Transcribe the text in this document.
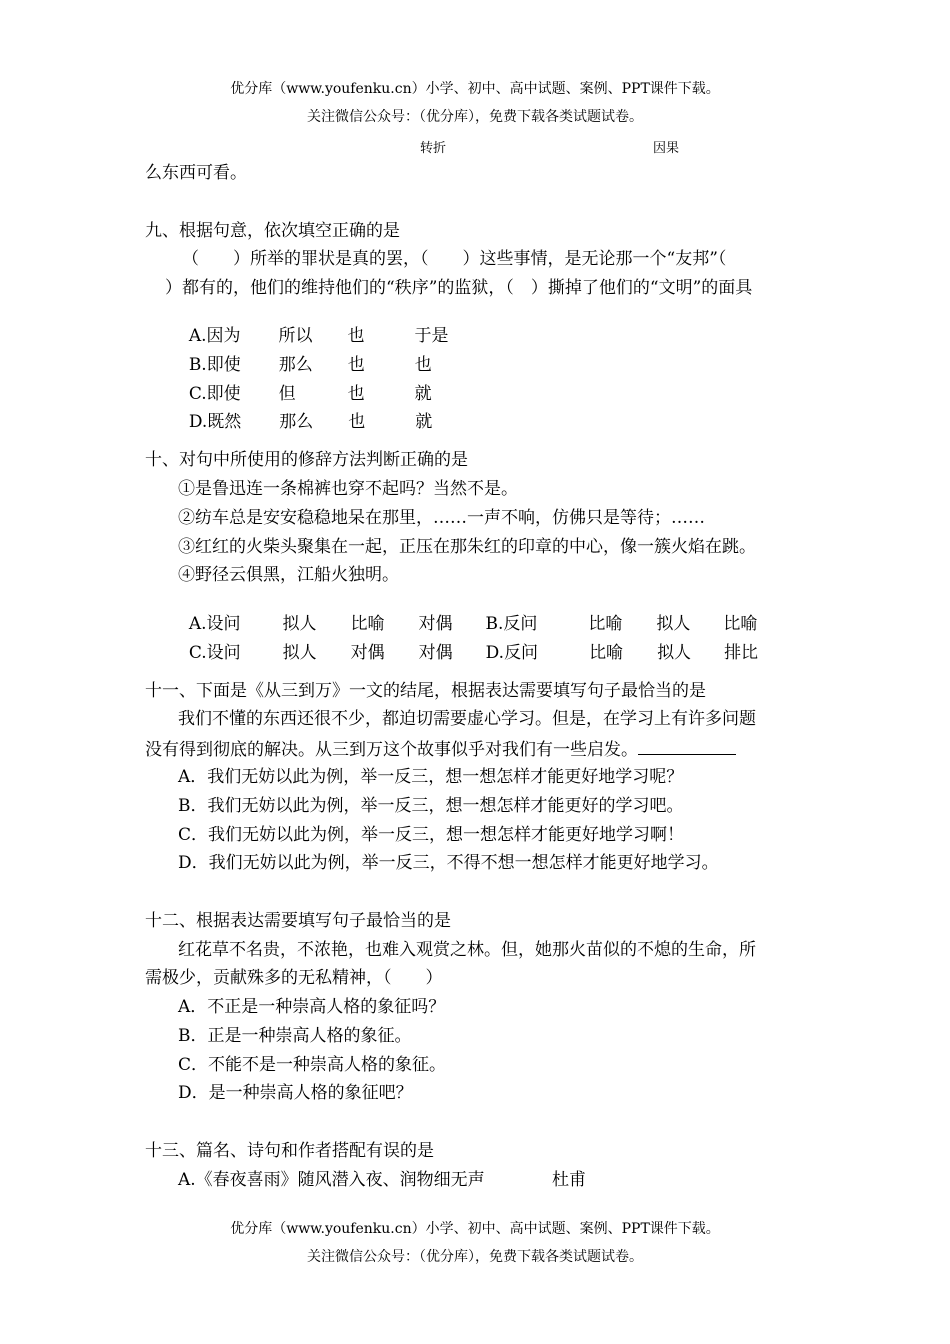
优分库（www.youfenku.cn）小学、初中、高中试题、案例、PPT课件下载。
关注微信公众号：（优分库），免费下载各类试题试卷。
转折	因果
么东西可看。
九、根据句意，依次填空正确的是
（　　）所举的罪状是真的罢，（　　）这些事情，是无论那一个“友邦”（
）都有的，他们的维持他们的“秩序”的监狱，（　）撕掉了他们的“文明”的面具

A.因为 所以 也	于是

B.即使 那么 也	也

C.即使 但	也	就

D.既然 那么 也	就

十、对句中所使用的修辞方法判断正确的是
①是鲁迅连一条棉裤也穿不起吗？当然不是。
②纺车总是安安稳稳地呆在那里，……一声不响，仿佛只是等待；……
③红红的火柴头聚集在一起，正压在那朱红的印章的中心，像一簇火焰在跳。
④野径云俱黑，江船火独明。

A.设问 拟人 比喻 对偶 B.反问	比喻 拟人 比喻

C.设问 拟人 对偶 对偶 D.反问	比喻 拟人 排比

十一、下面是《从三到万》一文的结尾，根据表达需要填写句子最恰当的是
我们不懂的东西还很不少，都迫切需要虚心学习。但是，在学习上有许多问题
没有得到彻底的解决。从三到万这个故事似乎对我们有一些启发。
A．我们无妨以此为例，举一反三，想一想怎样才能更好地学习呢？
B．我们无妨以此为例，举一反三，想一想怎样才能更好的学习吧。
C．我们无妨以此为例，举一反三，想一想怎样才能更好地学习啊！
D．我们无妨以此为例，举一反三，不得不想一想怎样才能更好地学习。
十二、根据表达需要填写句子最恰当的是
红花草不名贵，不浓艳，也难入观赏之林。但，她那火苗似的不熄的生命，所
需极少，贡献殊多的无私精神，（　　）
A．不正是一种崇高人格的象征吗？
B．正是一种崇高人格的象征。
C．不能不是一种崇高人格的象征。
D．是一种崇高人格的象征吧？
十三、篇名、诗句和作者搭配有误的是
A.《春夜喜雨》随风潜入夜、润物细无声	杜甫
优分库（www.youfenku.cn）小学、初中、高中试题、案例、PPT课件下载。
关注微信公众号：（优分库），免费下载各类试题试卷。
